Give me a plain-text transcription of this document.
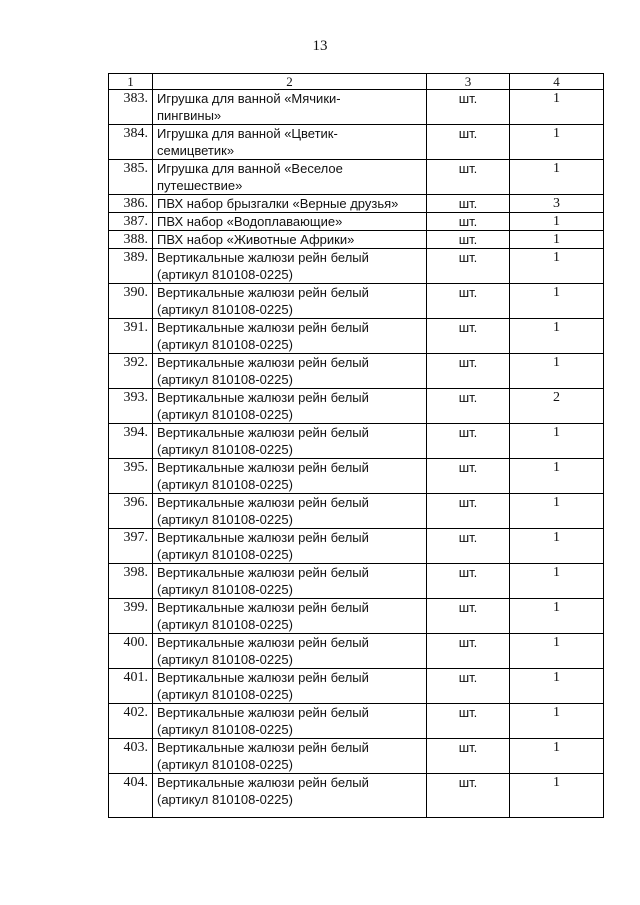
13
1	2	3	4
383.	Игрушка для ванной «Мячики-
пингвины»	шт.	1
384.	Игрушка для ванной «Цветик-
семицветик»	шт.	1
385.	Игрушка для ванной «Веселое
путешествие»	шт.	1
386.	ПВХ набор брызгалки «Верные друзья»	шт.	3
387.	ПВХ набор «Водоплавающие»	шт.	1
388.	ПВХ набор «Животные Африки»	шт.	1
389.	Вертикальные жалюзи рейн белый
(артикул 810108-0225)	шт.	1
390.	Вертикальные жалюзи рейн белый
(артикул 810108-0225)	шт.	1
391.	Вертикальные жалюзи рейн белый
(артикул 810108-0225)	шт.	1
392.	Вертикальные жалюзи рейн белый
(артикул 810108-0225)	шт.	1
393.	Вертикальные жалюзи рейн белый
(артикул 810108-0225)	шт.	2
394.	Вертикальные жалюзи рейн белый
(артикул 810108-0225)	шт.	1
395.	Вертикальные жалюзи рейн белый
(артикул 810108-0225)	шт.	1
396.	Вертикальные жалюзи рейн белый
(артикул 810108-0225)	шт.	1
397.	Вертикальные жалюзи рейн белый
(артикул 810108-0225)	шт.	1
398.	Вертикальные жалюзи рейн белый
(артикул 810108-0225)	шт.	1
399.	Вертикальные жалюзи рейн белый
(артикул 810108-0225)	шт.	1
400.	Вертикальные жалюзи рейн белый
(артикул 810108-0225)	шт.	1
401.	Вертикальные жалюзи рейн белый
(артикул 810108-0225)	шт.	1
402.	Вертикальные жалюзи рейн белый
(артикул 810108-0225)	шт.	1
403.	Вертикальные жалюзи рейн белый
(артикул 810108-0225)	шт.	1
404.	Вертикальные жалюзи рейн белый
(артикул 810108-0225)	шт.	1
